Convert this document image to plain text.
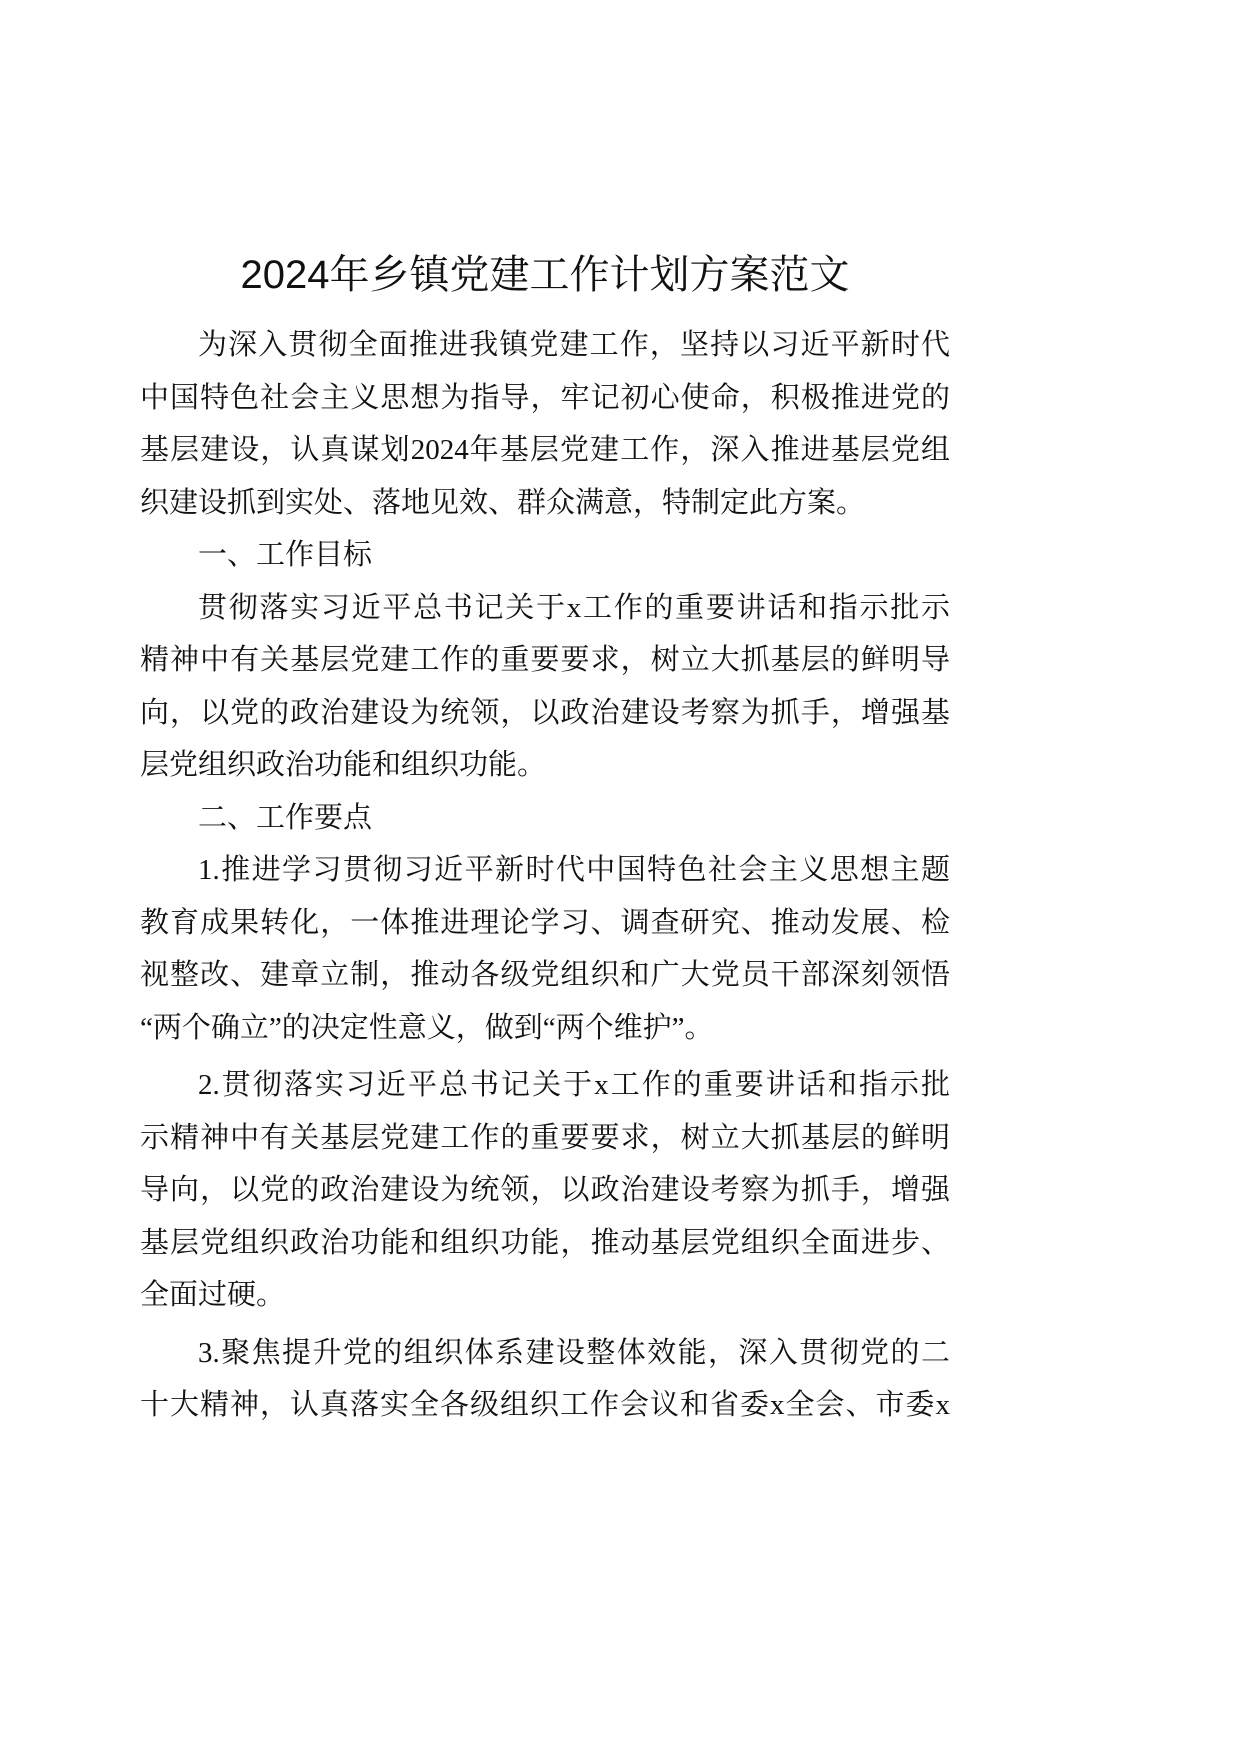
2024年乡镇党建工作计划方案范文
为深入贯彻全面推进我镇党建工作，坚持以习近平新时代
中国特色社会主义思想为指导，牢记初心使命，积极推进党的
基层建设，认真谋划2024年基层党建工作，深入推进基层党组
织建设抓到实处、落地见效、群众满意，特制定此方案。
一、工作目标
贯彻落实习近平总书记关于x工作的重要讲话和指示批示
精神中有关基层党建工作的重要要求，树立大抓基层的鲜明导
向，以党的政治建设为统领，以政治建设考察为抓手，增强基
层党组织政治功能和组织功能。
二、工作要点
1.推进学习贯彻习近平新时代中国特色社会主义思想主题
教育成果转化，一体推进理论学习、调查研究、推动发展、检
视整改、建章立制，推动各级党组织和广大党员干部深刻领悟
“两个确立”的决定性意义，做到“两个维护”。
2.贯彻落实习近平总书记关于x工作的重要讲话和指示批
示精神中有关基层党建工作的重要要求，树立大抓基层的鲜明
导向，以党的政治建设为统领，以政治建设考察为抓手，增强
基层党组织政治功能和组织功能，推动基层党组织全面进步、
全面过硬。
3.聚焦提升党的组织体系建设整体效能，深入贯彻党的二
十大精神，认真落实全各级组织工作会议和省委x全会、市委x
